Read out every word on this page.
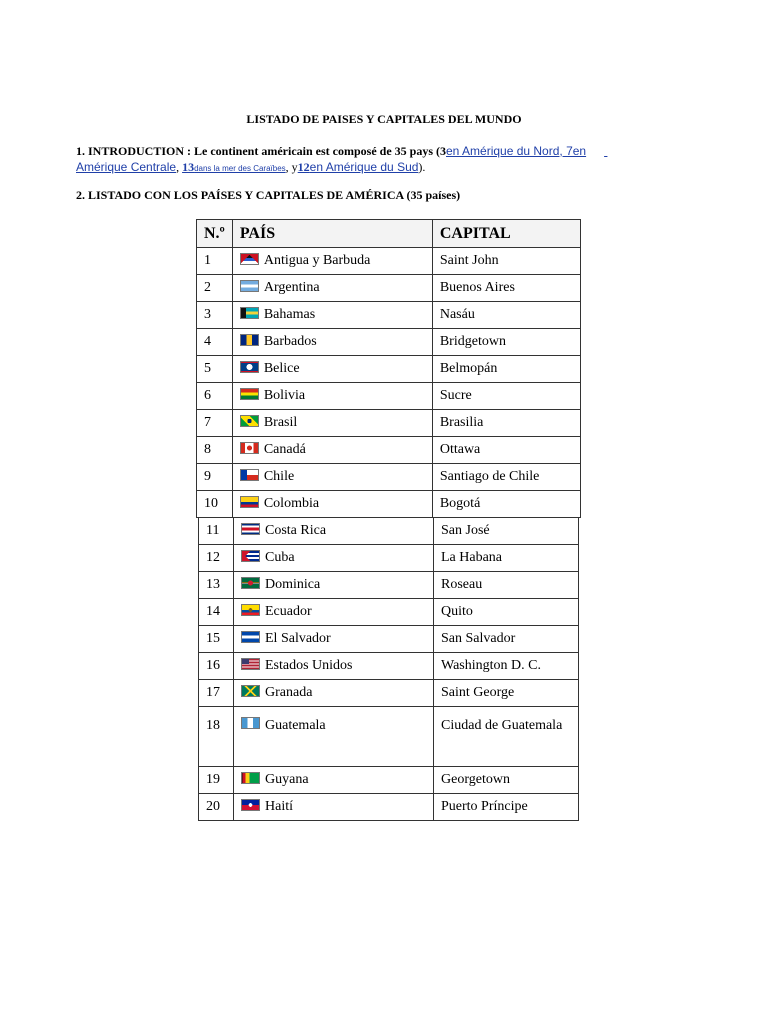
LISTADO DE PAISES Y CAPITALES DEL MUNDO
1. INTRODUCTION : Le continent américain est composé de 35 pays (3en Amérique du Nord, 7en
Amérique Centrale, 13dans la mer des Caraïbes, y12en Amérique du Sud).
2. LISTADO CON LOS PAÍSES Y CAPITALES DE AMÉRICA (35 países)
N.º	PAÍS	CAPITAL
1	Antigua y Barbuda	Saint John
2	Argentina	Buenos Aires
3	Bahamas	Nasáu
4	Barbados	Bridgetown
5	Belice	Belmopán
6	Bolivia	Sucre
7	Brasil	Brasilia
8	Canadá	Ottawa
9	Chile	Santiago de Chile
10	Colombia	Bogotá
11	Costa Rica	San José
12	Cuba	La Habana
13	Dominica	Roseau
14	Ecuador	Quito
15	El Salvador	San Salvador
16	Estados Unidos	Washington D. C.
17	Granada	Saint George
18	Guatemala	Ciudad de Guatemala
19	Guyana	Georgetown
20	Haití	Puerto Príncipe
